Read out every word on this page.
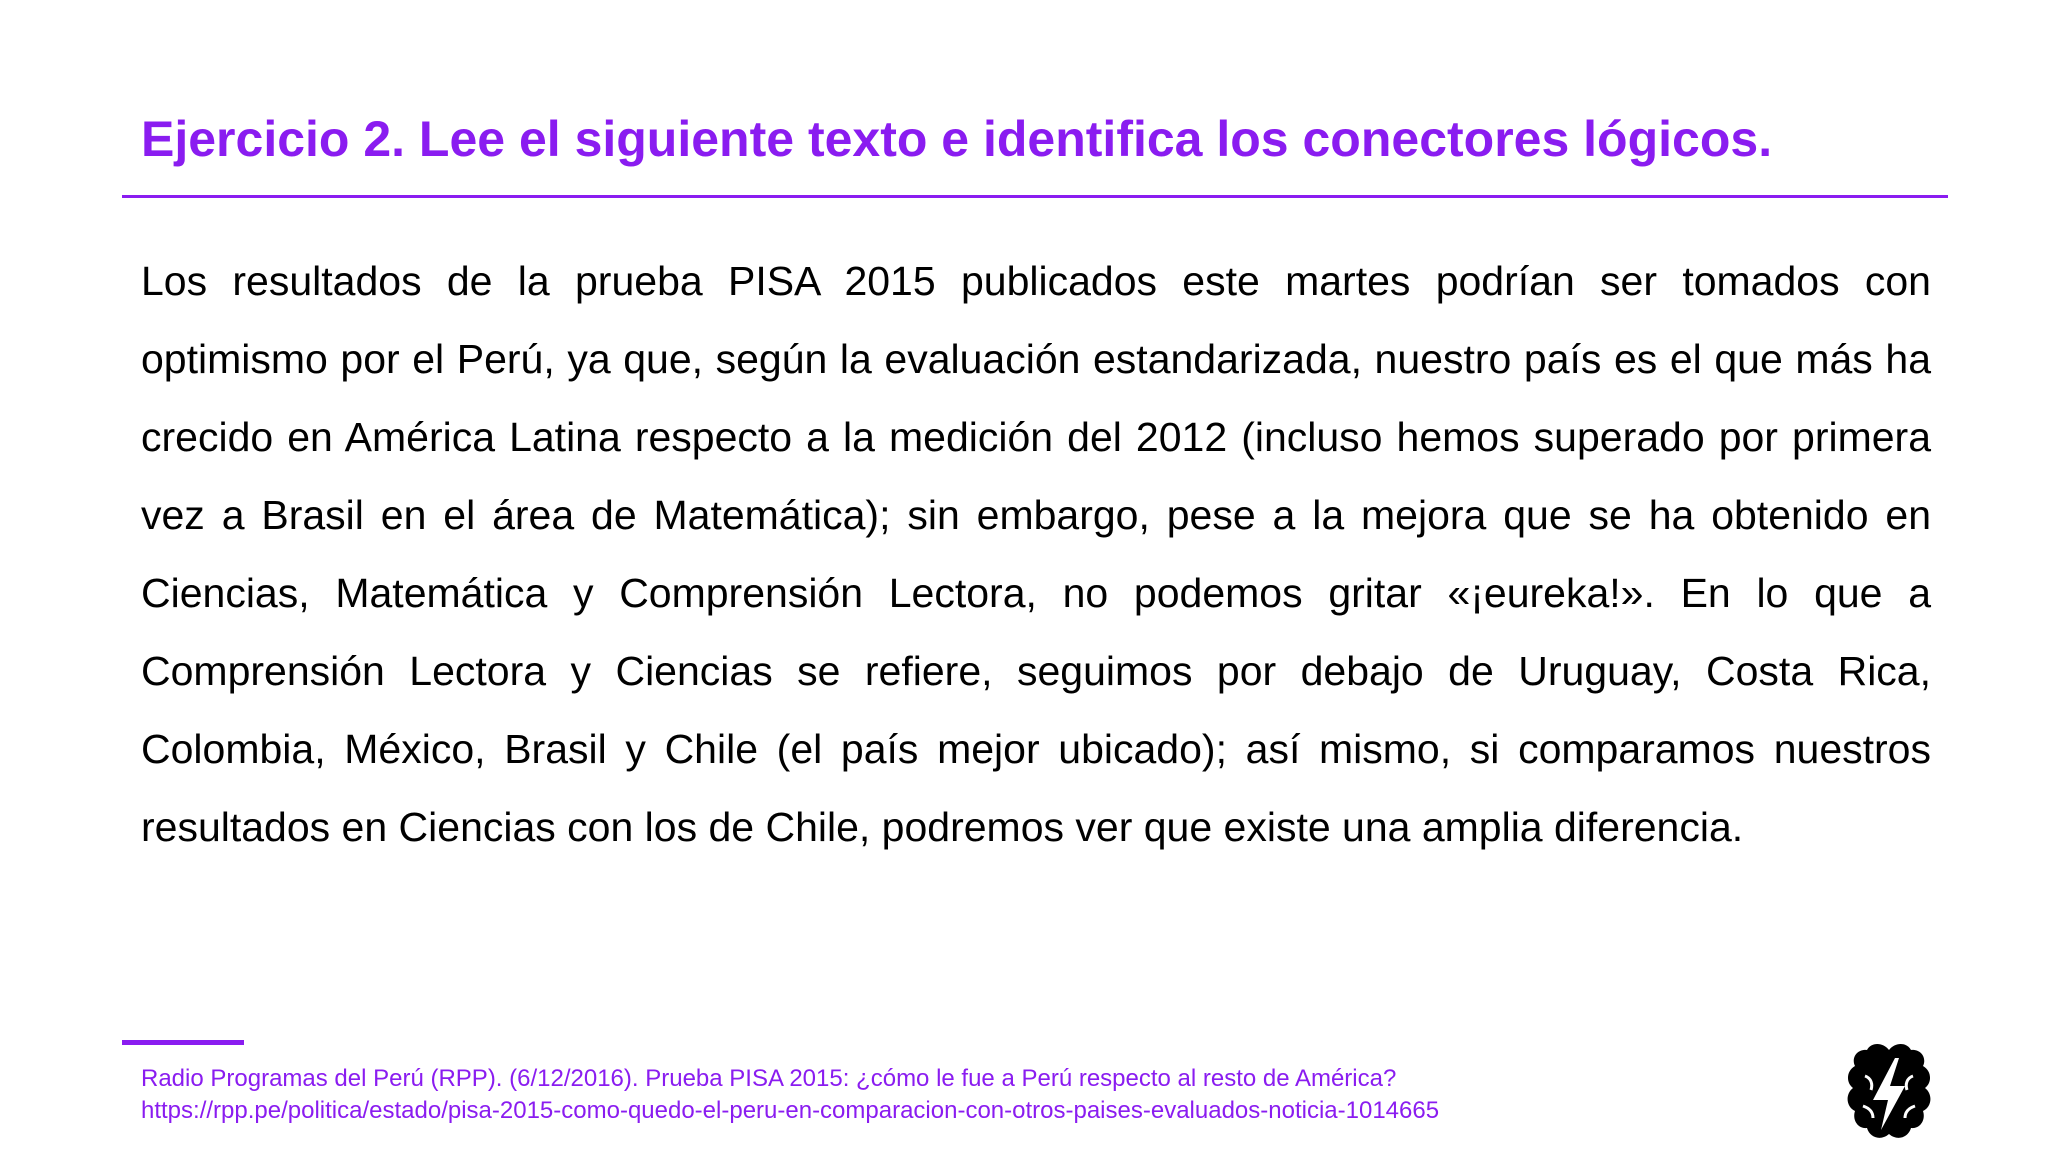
Ejercicio 2. Lee el siguiente texto e identifica los conectores lógicos.

Los resultados de la prueba PISA 2015 publicados este martes podrían ser tomados con optimismo por el Perú, ya que, según la evaluación estandarizada, nuestro país es el que más ha crecido en América Latina respecto a la medición del 2012 (incluso hemos superado por primera vez a Brasil en el área de Matemática); sin embargo, pese a la mejora que se ha obtenido en Ciencias, Matemática y Comprensión Lectora, no podemos gritar «¡eureka!». En lo que a Comprensión Lectora y Ciencias se refiere, seguimos por debajo de Uruguay, Costa Rica, Colombia, México, Brasil y Chile (el país mejor ubicado); así mismo, si comparamos nuestros resultados en Ciencias con los de Chile, podremos ver que existe una amplia diferencia.

Radio Programas del Perú (RPP). (6/12/2016). Prueba PISA 2015: ¿cómo le fue a Perú respecto al resto de América?
https://rpp.pe/politica/estado/pisa-2015-como-quedo-el-peru-en-comparacion-con-otros-paises-evaluados-noticia-1014665
